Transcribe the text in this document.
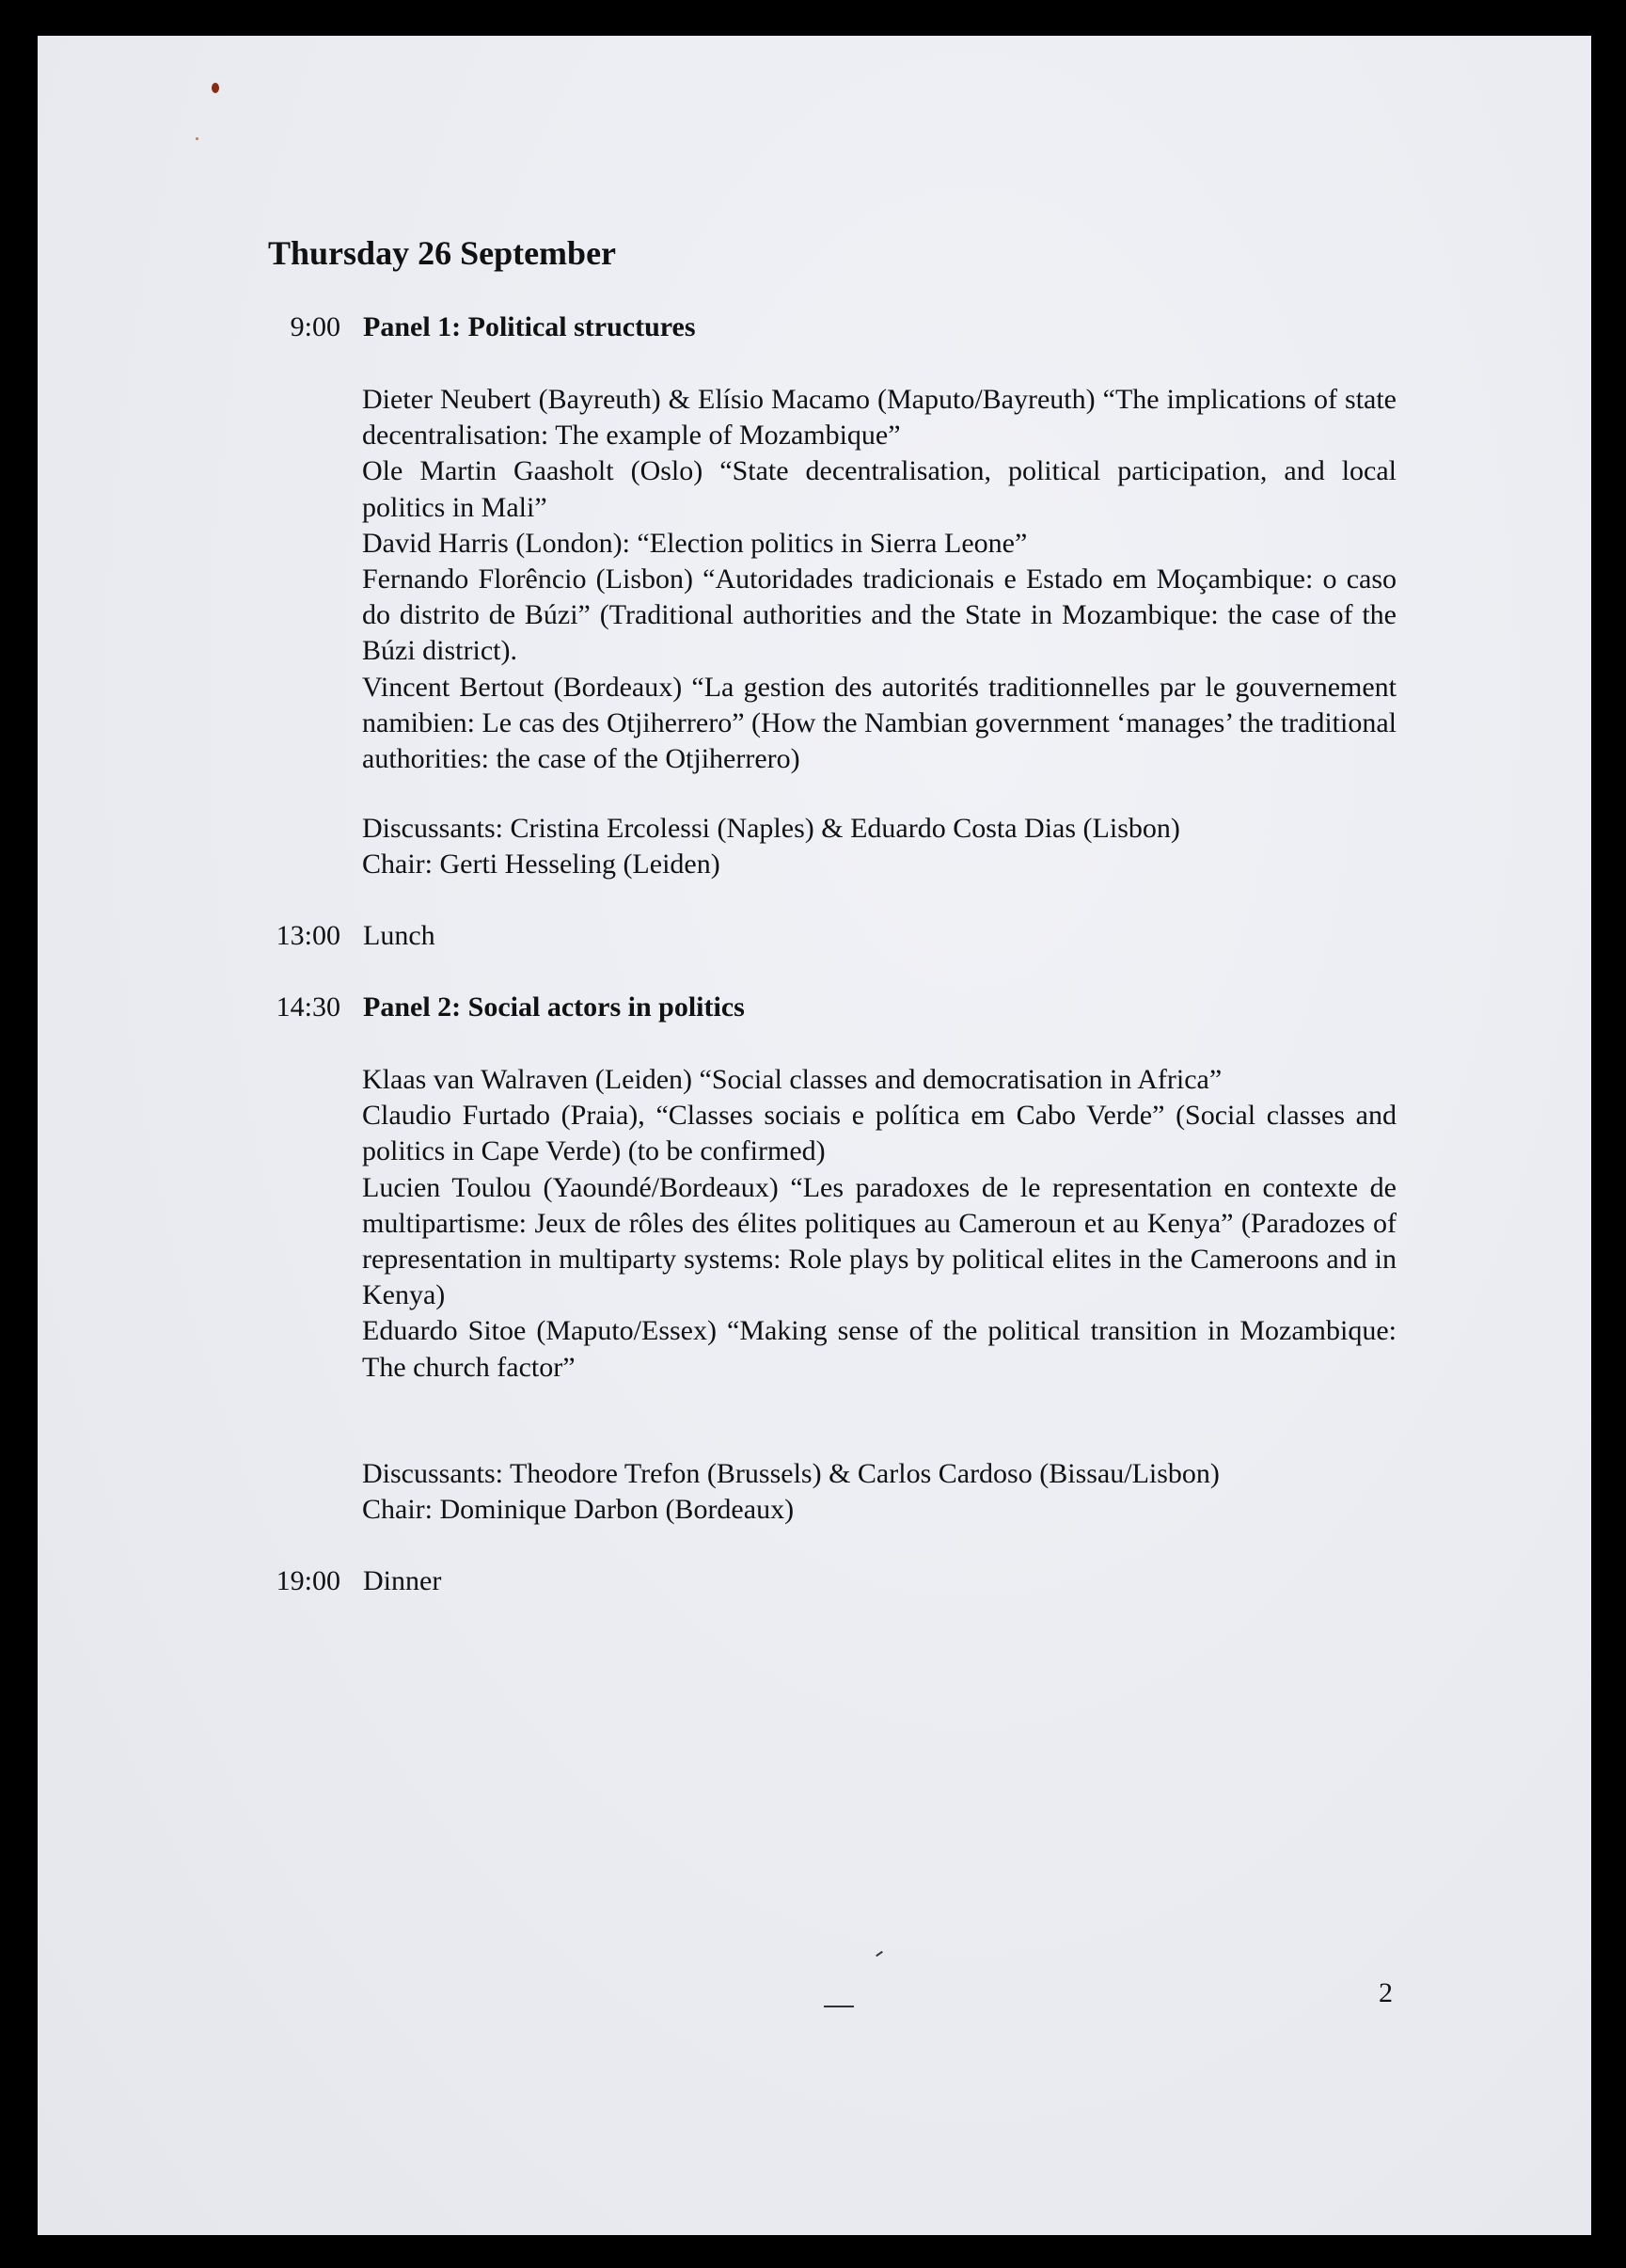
Thursday 26 September
9:00 Panel 1: Political structures

Dieter Neubert (Bayreuth) & Elísio Macamo (Maputo/Bayreuth) “The implications of state decentralisation: The example of Mozambique”

Ole Martin Gaasholt (Oslo) “State decentralisation, political participation, and local politics in Mali”

David Harris (London): “Election politics in Sierra Leone”

Fernando Florêncio (Lisbon) “Autoridades tradicionais e Estado em Moçambique: o caso do distrito de Búzi” (Traditional authorities and the State in Mozambique: the case of the Búzi district).

Vincent Bertout (Bordeaux) “La gestion des autorités traditionnelles par le gouvernement namibien: Le cas des Otjiherrero” (How the Nambian government ‘manages’ the traditional authorities: the case of the Otjiherrero)

Discussants: Cristina Ercolessi (Naples) & Eduardo Costa Dias (Lisbon)

Chair: Gerti Hesseling (Leiden)

13:00 Lunch
14:30 Panel 2: Social actors in politics

Klaas van Walraven (Leiden) “Social classes and democratisation in Africa”

Claudio Furtado (Praia), “Classes sociais e política em Cabo Verde” (Social classes and politics in Cape Verde) (to be confirmed)

Lucien Toulou (Yaoundé/Bordeaux) “Les paradoxes de le representation en contexte de multipartisme: Jeux de rôles des élites politiques au Cameroun et au Kenya” (Paradozes of representation in multiparty systems: Role plays by political elites in the Cameroons and in Kenya)

Eduardo Sitoe (Maputo/Essex) “Making sense of the political transition in Mozambique: The church factor”

Discussants: Theodore Trefon (Brussels) & Carlos Cardoso (Bissau/Lisbon)

Chair: Dominique Darbon (Bordeaux)

19:00 Dinner
2
